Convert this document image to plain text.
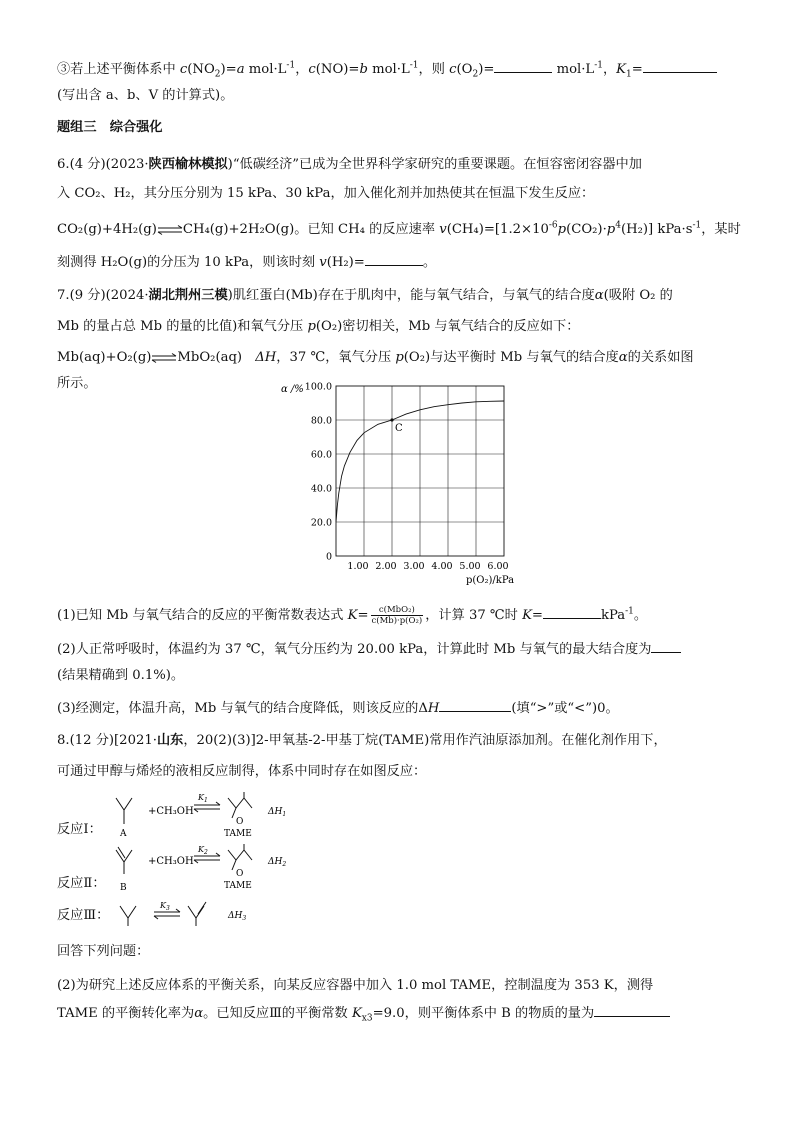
③若上述平衡体系中 $c(NO_2)=a$ $mol\cdot L^{-1}$，c(NO)=b $mol\cdot L^{-1}$，则 $c(O_2)=$	$mol\cdot L^{-1}$，$K_1=$
(写出含 a、b、V 的计算式)。
题组三　综合强化
6.(4 分)(2023·陕西榆林模拟)“低碳经济”已成为全世界科学家研究的重要课题。在恒容密闭容器中加
入 CO₂、H₂，其分压分别为 15 kPa、30 kPa，加入催化剂并加热使其在恒温下发生反应：
CO₂(g)+4H₂(g)⇌CH₄(g)+2H₂O(g)。已知 CH₄ 的反应速率 $v(CH_4)=[1.2\times 10^{-6}p(CO_2)\cdot p^4(H_2)]$ $kPa\cdot s^{-1}$，某时
刻测得 H₂O(g)的分压为 10 kPa，则该时刻 v(H₂)=	。
7.(9 分)(2024·湖北荆州三模)肌红蛋白(Mb)存在于肌肉中，能与氧气结合，与氧气的结合度α(吸附 O₂ 的
Mb 的量占总 Mb 的量的比值)和氧气分压 p(O₂)密切相关，Mb 与氧气结合的反应如下：
Mb(aq)+O₂(g)⇌MbO₂(aq)　ΔH，37 ℃，氧气分压 p(O₂)与达平衡时 Mb 与氧气的结合度α的关系如图
所示。
0
20.0
40.0
60.0
80.0
100.0
1.00 2.00 3.00 4.00 5.00 6.00
C
α /%
p(O₂)/kPa
(1)已知 Mb 与氧气结合的反应的平衡常数表达式 $K= \frac{\text{c(MbO₂)}}{\text{c(Mb)·p(O₂)}}$ ，计算 37 ℃时 K=	kPa$^{-1}$。
(2)人正常呼吸时，体温约为 37 ℃，氧气分压约为 20.00 kPa，计算此时 Mb 与氧气的最大结合度为
(结果精确到 0.1%)。
(3)经测定，体温升高，Mb 与氧气的结合度降低，则该反应的ΔH	(填“>”或“<”)0。
8.(12 分)[2021·山东，20(2)(3)]2-甲氧基-2-甲基丁烷(TAME)常用作汽油原添加剂。在催化剂作用下，
可通过甲醇与烯烃的液相反应制得，体系中同时存在如图反应：
反应Ⅰ： A
+CH₃OH
$K_1$
O
TAME
$\Delta H_1$
反应Ⅱ： B
+CH₃OH
$K_2$
O
TAME
$\Delta H_2$
反应Ⅲ：
$K_3$
$\Delta H_3$
回答下列问题：
(2)为研究上述反应体系的平衡关系，向某反应容器中加入 1.0 mol TAME，控制温度为 353 K，测得
TAME 的平衡转化率为α。已知反应Ⅲ的平衡常数 $K_{x3}=9.0$，则平衡体系中 B 的物质的量为
